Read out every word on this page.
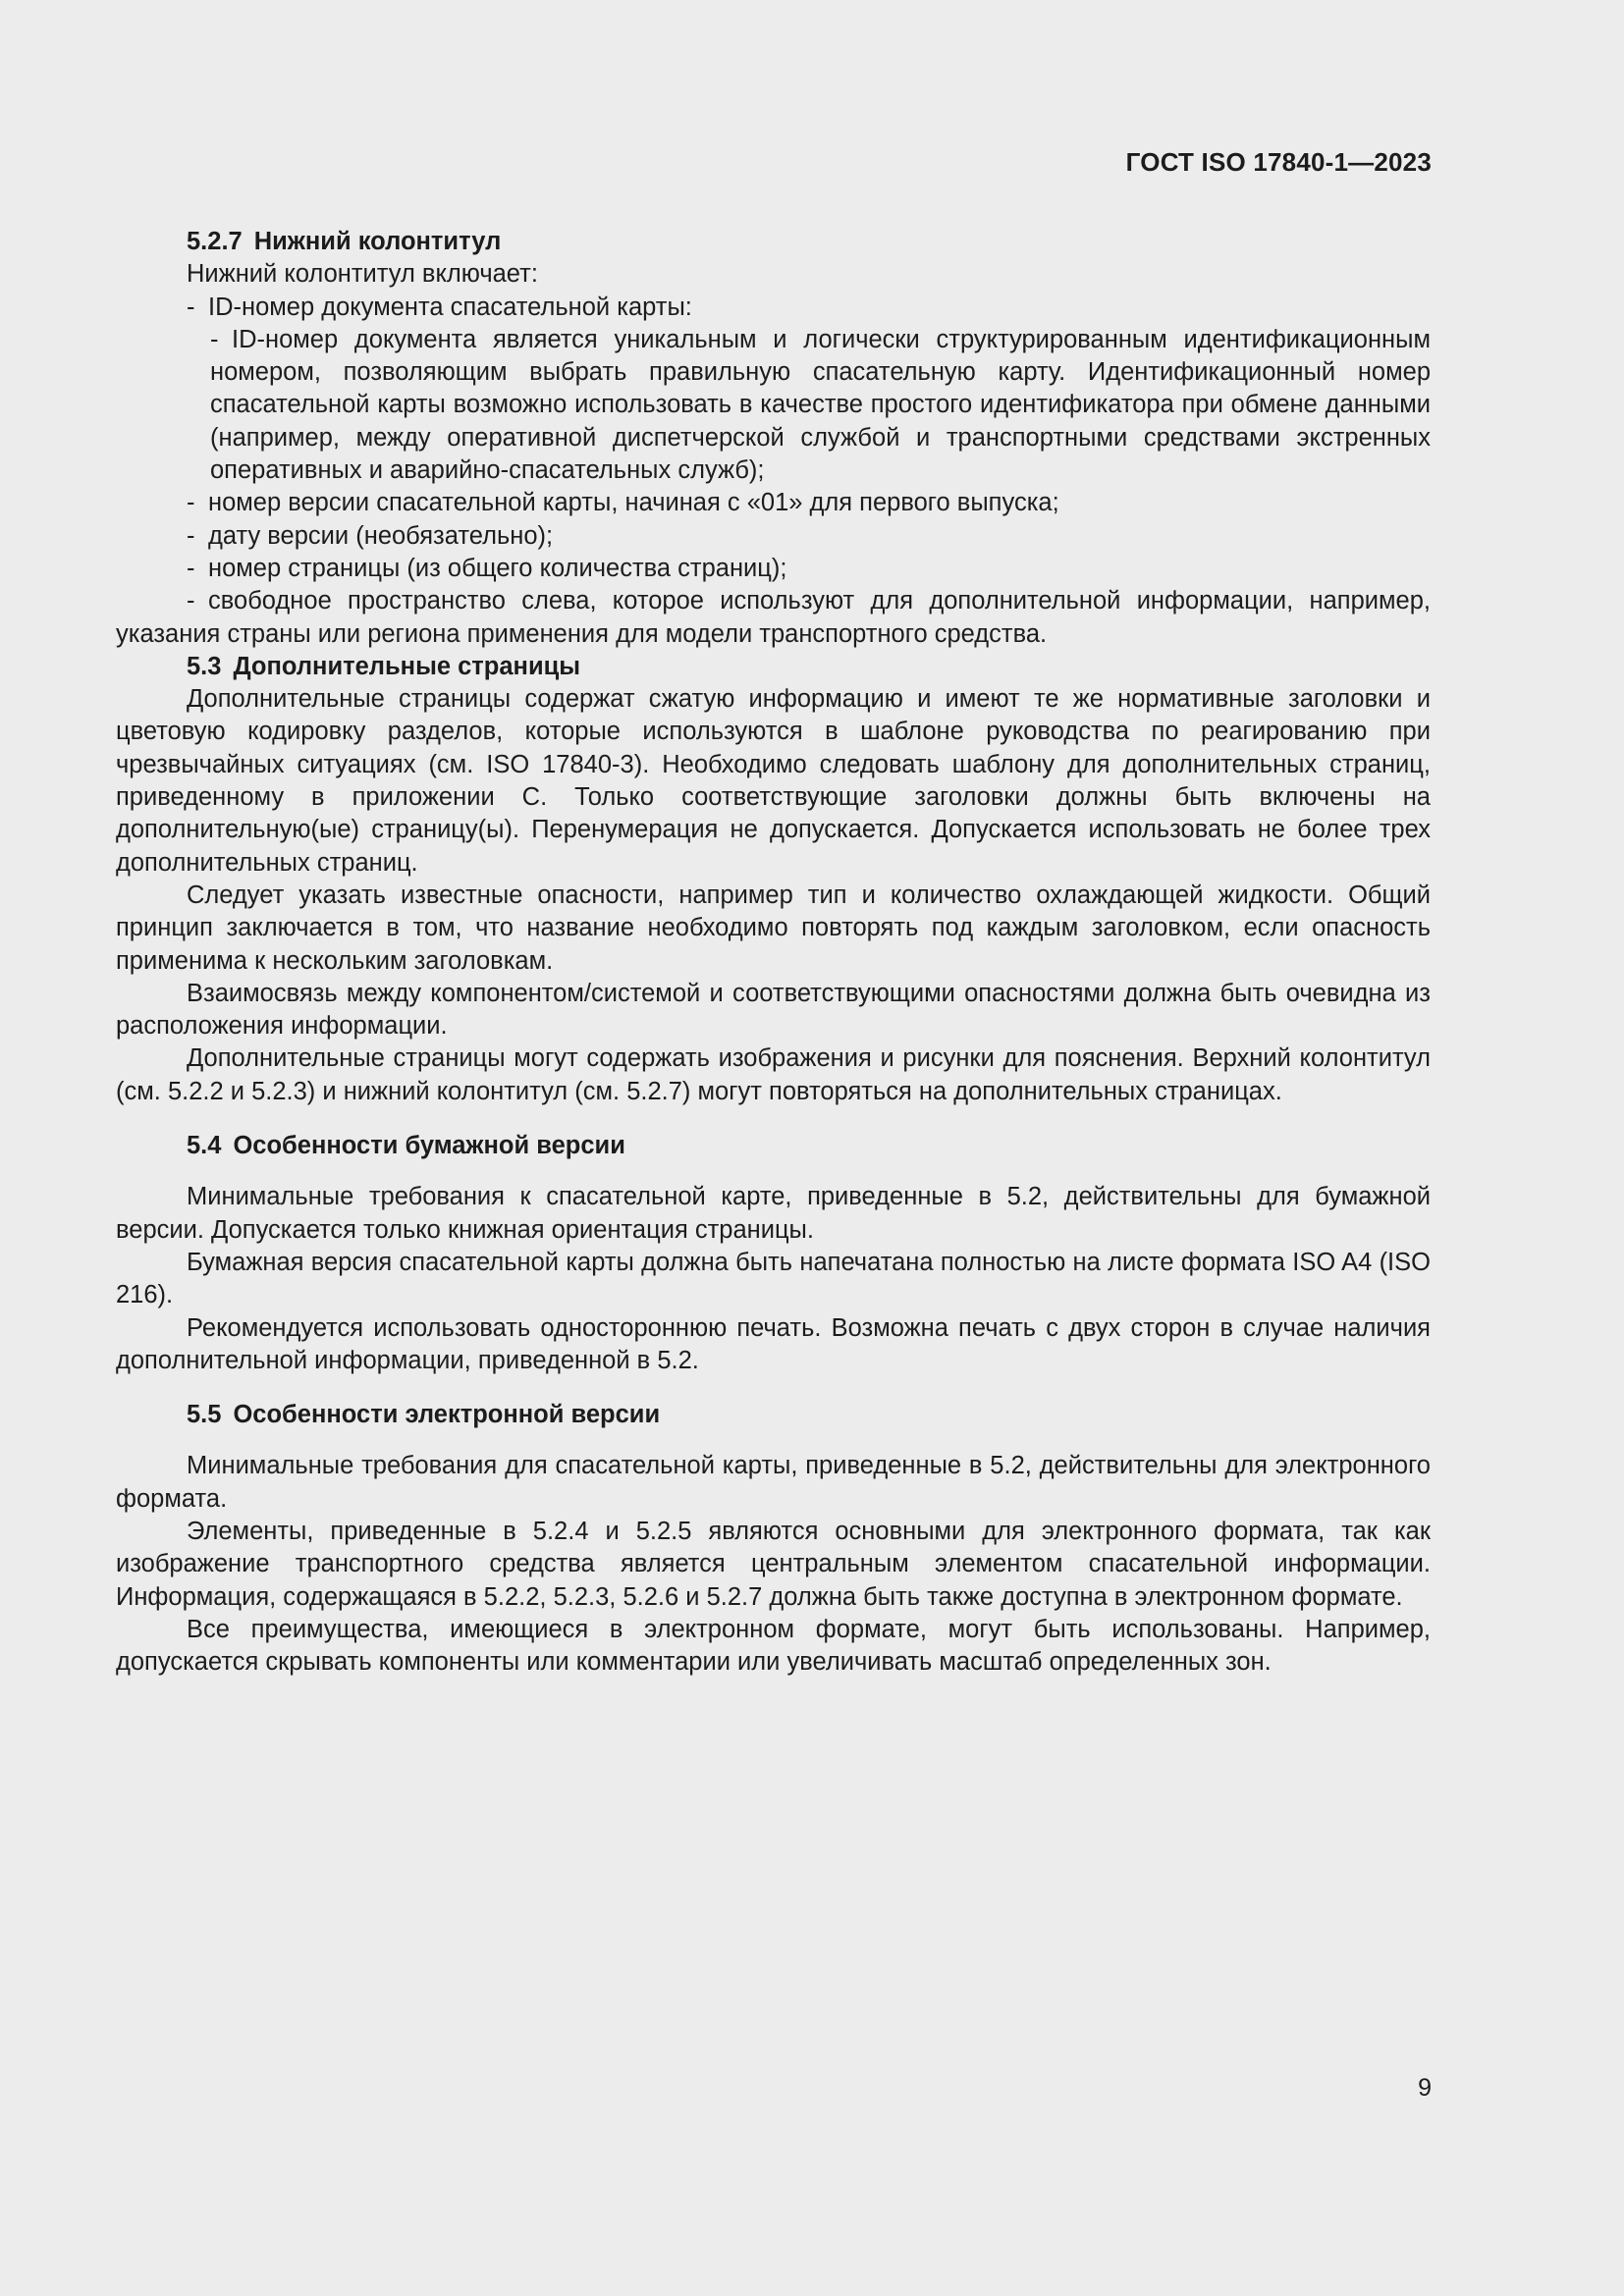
ГОСТ ISO 17840-1—2023
5.2.7 Нижний колонтитул

Нижний колонтитул включает:

- ID-номер документа спасательной карты:

- ID-номер документа является уникальным и логически структурированным идентификационным номером, позволяющим выбрать правильную спасательную карту. Идентификационный номер спасательной карты возможно использовать в качестве простого идентификатора при обмене данными (например, между оперативной диспетчерской службой и транспортными средствами экстренных оперативных и аварийно-спасательных служб);

- номер версии спасательной карты, начиная с «01» для первого выпуска;

- дату версии (необязательно);

- номер страницы (из общего количества страниц);

- свободное пространство слева, которое используют для дополнительной информации, например, указания страны или региона применения для модели транспортного средства.

5.3 Дополнительные страницы

Дополнительные страницы содержат сжатую информацию и имеют те же нормативные заголовки и цветовую кодировку разделов, которые используются в шаблоне руководства по реагированию при чрезвычайных ситуациях (см. ISO 17840-3). Необходимо следовать шаблону для дополнительных страниц, приведенному в приложении С. Только соответствующие заголовки должны быть включены на дополнительную(ые) страницу(ы). Перенумерация не допускается. Допускается использовать не более трех дополнительных страниц.

Следует указать известные опасности, например тип и количество охлаждающей жидкости. Общий принцип заключается в том, что название необходимо повторять под каждым заголовком, если опасность применима к нескольким заголовкам.

Взаимосвязь между компонентом/системой и соответствующими опасностями должна быть очевидна из расположения информации.

Дополнительные страницы могут содержать изображения и рисунки для пояснения. Верхний колонтитул (см. 5.2.2 и 5.2.3) и нижний колонтитул (см. 5.2.7) могут повторяться на дополнительных страницах.

5.4 Особенности бумажной версии

Минимальные требования к спасательной карте, приведенные в 5.2, действительны для бумажной версии. Допускается только книжная ориентация страницы.

Бумажная версия спасательной карты должна быть напечатана полностью на листе формата ISO A4 (ISO 216).

Рекомендуется использовать одностороннюю печать. Возможна печать с двух сторон в случае наличия дополнительной информации, приведенной в 5.2.

5.5 Особенности электронной версии

Минимальные требования для спасательной карты, приведенные в 5.2, действительны для электронного формата.

Элементы, приведенные в 5.2.4 и 5.2.5 являются основными для электронного формата, так как изображение транспортного средства является центральным элементом спасательной информации. Информация, содержащаяся в 5.2.2, 5.2.3, 5.2.6 и 5.2.7 должна быть также доступна в электронном формате.

Все преимущества, имеющиеся в электронном формате, могут быть использованы. Например, допускается скрывать компоненты или комментарии или увеличивать масштаб определенных зон.

9
